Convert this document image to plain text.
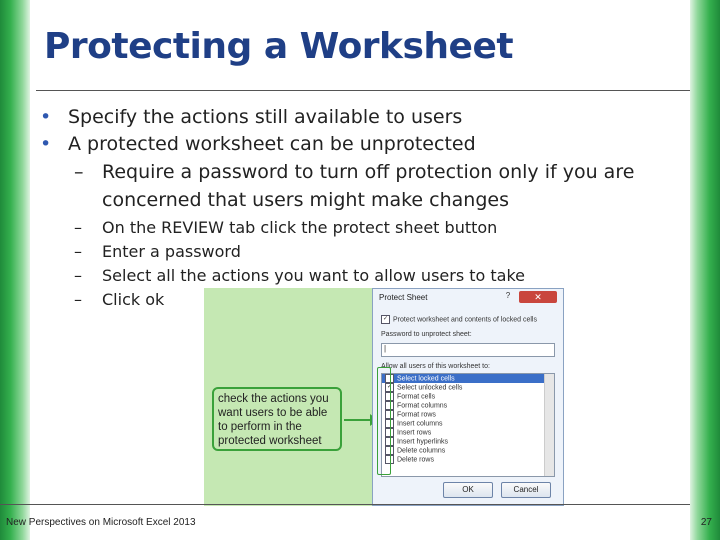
Protecting a Worksheet
• Specify the actions still available to users
• A protected worksheet can be unprotected
– Require a password to turn off protection only if you are
concerned that users might make changes
– On the REVIEW tab click the protect sheet button
– Enter a password
– Select all the actions you want to allow users to take
– Click ok
check the actions you want users to be able to perform in the protected worksheet
Protect Sheet	?	✕
✓ Protect worksheet and contents of locked cells
Password to unprotect sheet:
|
Allow all users of this worksheet to:
✓ Select locked cells
✓ Select unlocked cells
Format cells
Format columns
Format rows
Insert columns
Insert rows
Insert hyperlinks
Delete columns
Delete rows
OK	Cancel
New Perspectives on Microsoft Excel 2013	27
